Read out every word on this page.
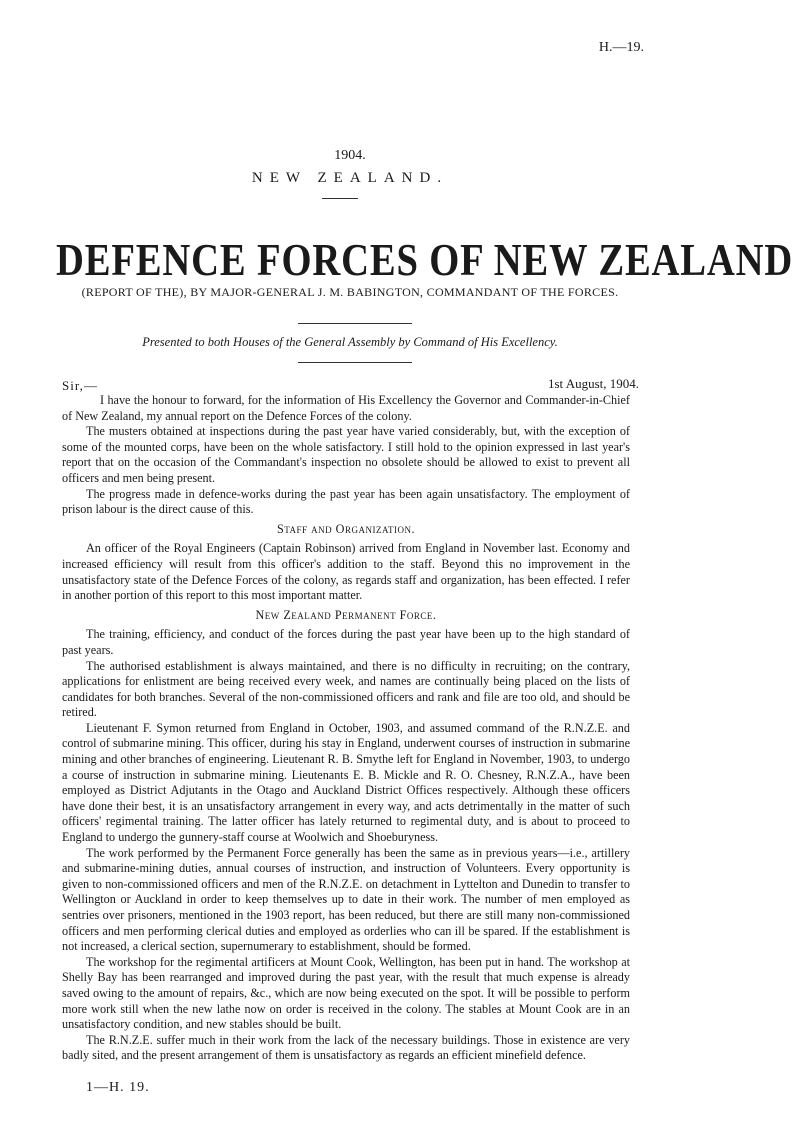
H.—19.
1904.
NEW ZEALAND.
DEFENCE FORCES OF NEW ZEALAND
(REPORT OF THE), BY MAJOR-GENERAL J. M. BABINGTON, COMMANDANT OF THE FORCES.
Presented to both Houses of the General Assembly by Command of His Excellency.
Sir,—	1st August, 1904.

I have the honour to forward, for the information of His Excellency the Governor and Commander-in-Chief of New Zealand, my annual report on the Defence Forces of the colony.

The musters obtained at inspections during the past year have varied considerably, but, with the exception of some of the mounted corps, have been on the whole satisfactory. I still hold to the opinion expressed in last year's report that on the occasion of the Commandant's inspection no obsolete should be allowed to exist to prevent all officers and men being present.

The progress made in defence-works during the past year has been again unsatisfactory. The employment of prison labour is the direct cause of this.

Staff and Organization.

An officer of the Royal Engineers (Captain Robinson) arrived from England in November last. Economy and increased efficiency will result from this officer's addition to the staff. Beyond this no improvement in the unsatisfactory state of the Defence Forces of the colony, as regards staff and organization, has been effected. I refer in another portion of this report to this most important matter.

New Zealand Permanent Force.

The training, efficiency, and conduct of the forces during the past year have been up to the high standard of past years.

The authorised establishment is always maintained, and there is no difficulty in recruiting; on the contrary, applications for enlistment are being received every week, and names are continually being placed on the lists of candidates for both branches. Several of the non-commissioned officers and rank and file are too old, and should be retired.

Lieutenant F. Symon returned from England in October, 1903, and assumed command of the R.N.Z.E. and control of submarine mining. This officer, during his stay in England, underwent courses of instruction in submarine mining and other branches of engineering. Lieutenant R. B. Smythe left for England in November, 1903, to undergo a course of instruction in submarine mining. Lieutenants E. B. Mickle and R. O. Chesney, R.N.Z.A., have been employed as District Adjutants in the Otago and Auckland District Offices respectively. Although these officers have done their best, it is an unsatisfactory arrangement in every way, and acts detrimentally in the matter of such officers' regimental training. The latter officer has lately returned to regimental duty, and is about to proceed to England to undergo the gunnery-staff course at Woolwich and Shoeburyness.

The work performed by the Permanent Force generally has been the same as in previous years—i.e., artillery and submarine-mining duties, annual courses of instruction, and instruction of Volunteers. Every opportunity is given to non-commissioned officers and men of the R.N.Z.E. on detachment in Lyttelton and Dunedin to transfer to Wellington or Auckland in order to keep themselves up to date in their work. The number of men employed as sentries over prisoners, mentioned in the 1903 report, has been reduced, but there are still many non-commissioned officers and men performing clerical duties and employed as orderlies who can ill be spared. If the establishment is not increased, a clerical section, supernumerary to establishment, should be formed.

The workshop for the regimental artificers at Mount Cook, Wellington, has been put in hand. The workshop at Shelly Bay has been rearranged and improved during the past year, with the result that much expense is already saved owing to the amount of repairs, &c., which are now being executed on the spot. It will be possible to perform more work still when the new lathe now on order is received in the colony. The stables at Mount Cook are in an unsatisfactory condition, and new stables should be built.

The R.N.Z.E. suffer much in their work from the lack of the necessary buildings. Those in existence are very badly sited, and the present arrangement of them is unsatisfactory as regards an efficient minefield defence.

1—H. 19.
